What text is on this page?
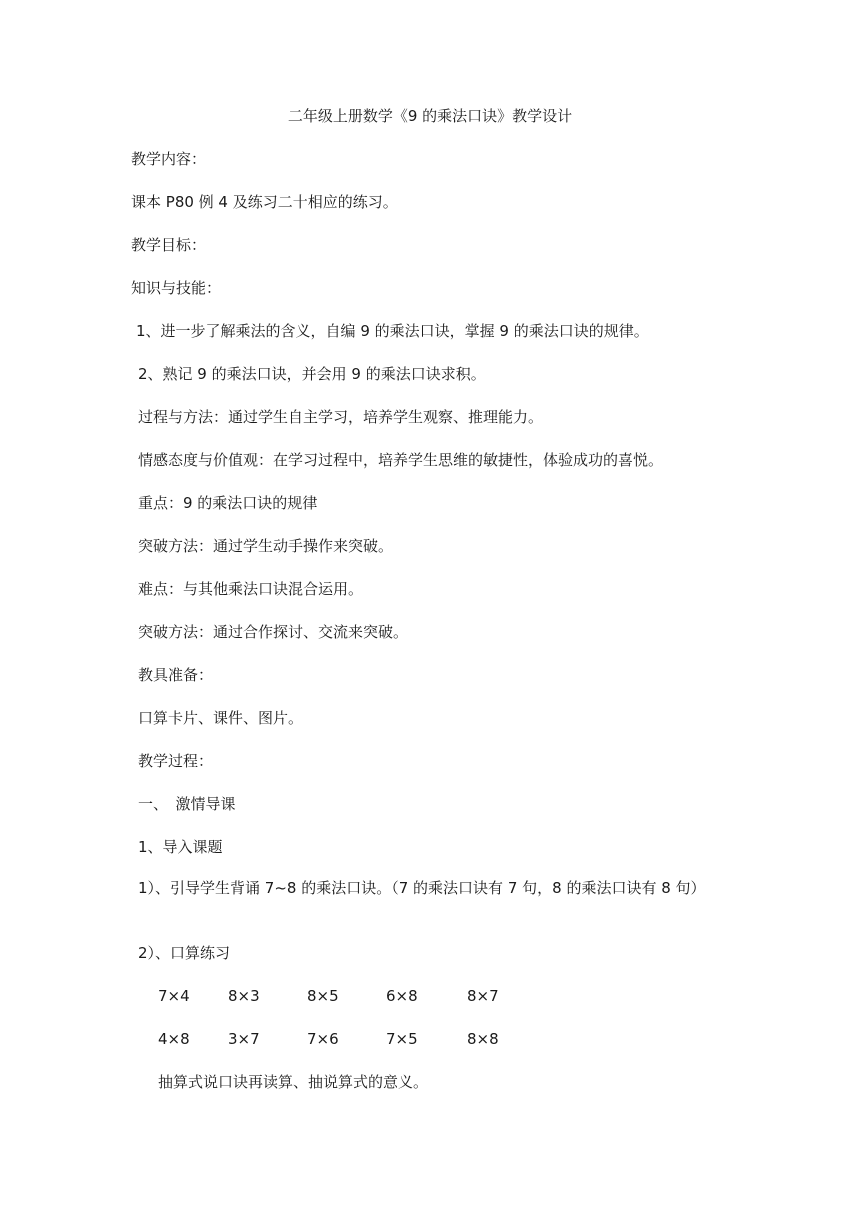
二年级上册数学《9 的乘法口诀》教学设计
教学内容：
课本 P80 例 4 及练习二十相应的练习。
教学目标：
知识与技能：
1、进一步了解乘法的含义，自编 9 的乘法口诀，掌握 9 的乘法口诀的规律。
2、熟记 9 的乘法口诀，并会用 9 的乘法口诀求积。
过程与方法：通过学生自主学习，培养学生观察、推理能力。
情感态度与价值观：在学习过程中，培养学生思维的敏捷性，体验成功的喜悦。
重点：9 的乘法口诀的规律
突破方法：通过学生动手操作来突破。
难点：与其他乘法口诀混合运用。
突破方法：通过合作探讨、交流来突破。
教具准备：
口算卡片、课件、图片。
教学过程：
一、　激情导课
1、导入课题
1）、引导学生背诵 7~8 的乘法口诀。（7 的乘法口诀有 7 句，8 的乘法口诀有 8 句）
2）、口算练习
7×4	8×3	8×5	6×8	8×7
4×8	3×7	7×6	7×5	8×8
抽算式说口诀再读算、抽说算式的意义。
